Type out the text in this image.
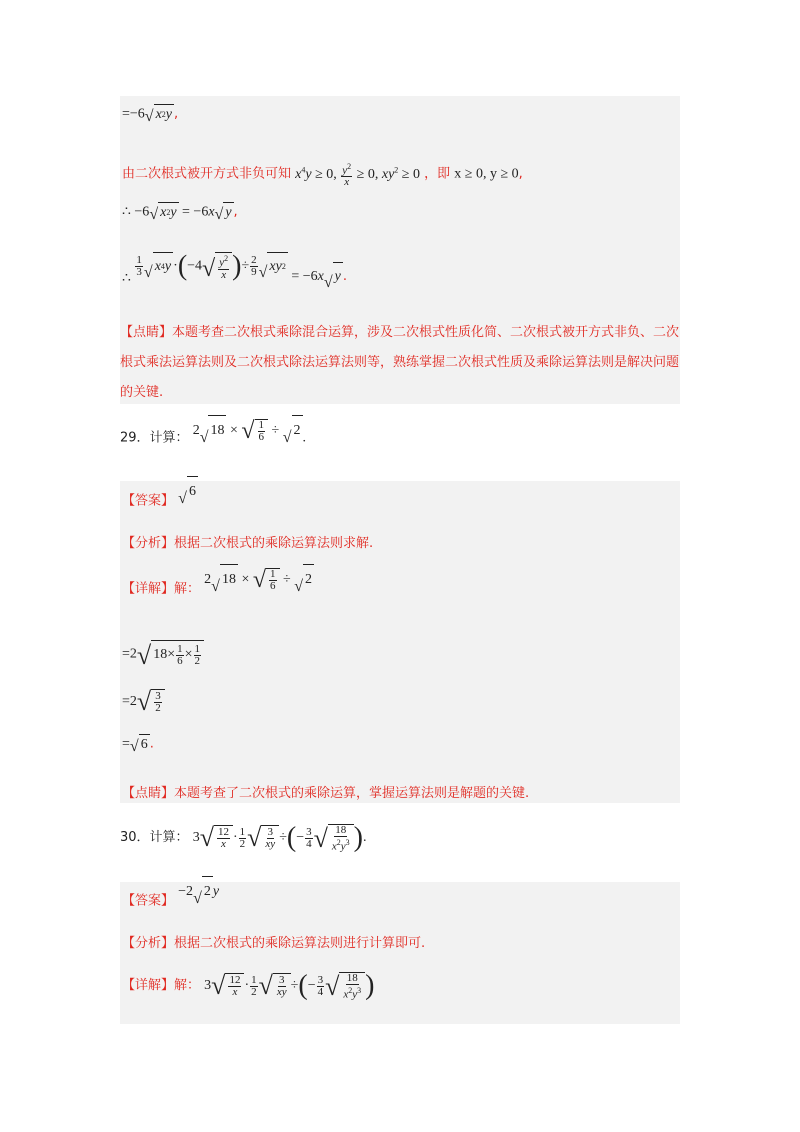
=−6 √ x 2 y ,
由二次根式被开方式非负可知 $x^4y \ge 0$, $\frac{y^2}{x} \ge 0$, $xy^2 \ge 0$ ，即 x ≥ 0, y ≥ 0,
∴ −6 √ x 2 y = −6x √ y ,
∴
$\frac{1}{3}$ √ x 4 y ·(−4 √ $\frac{y^2}{x}$ )÷ $\frac{2}{9}$ √ xy 2
= −6x √ y .
【点睛】本题考查二次根式乘除混合运算，涉及二次根式性质化简、二次根式被开方式非负、二次根式乘法运算法则及二次根式除法运算法则等，熟练掌握二次根式性质及乘除运算法则是解决问题的关键.
29．计算： 2 √ 18 × √ $\frac{1}{6}$ ÷ √ 2
.
【答案】 √ 6
【分析】根据二次根式的乘除运算法则求解.
【详解】解： 2 √ 18 × √ $\frac{1}{6}$ ÷ √ 2
=2 √ $18\times \frac{1}{6} \times \frac{1}{2}$
=2 √ $\frac{3}{2}$
= √ 6 .
【点睛】本题考查了二次根式的乘除运算，掌握运算法则是解题的关键.
30．计算： 3 √ $\frac{12}{x} \cdot \frac{1}{2}$ √ $\frac{3}{xy}$ ÷(− $\frac{3}{4}$ √ $\frac{18}{x^2y^3}$ ).
【答案】 −2 √ 2 y
【分析】根据二次根式的乘除运算法则进行计算即可.
【详解】解： 3 √ $\frac{12}{x} \cdot \frac{1}{2}$ √ $\frac{3}{xy}$ ÷(− $\frac{3}{4}$ √ $\frac{18}{x^2y^3}$ )
